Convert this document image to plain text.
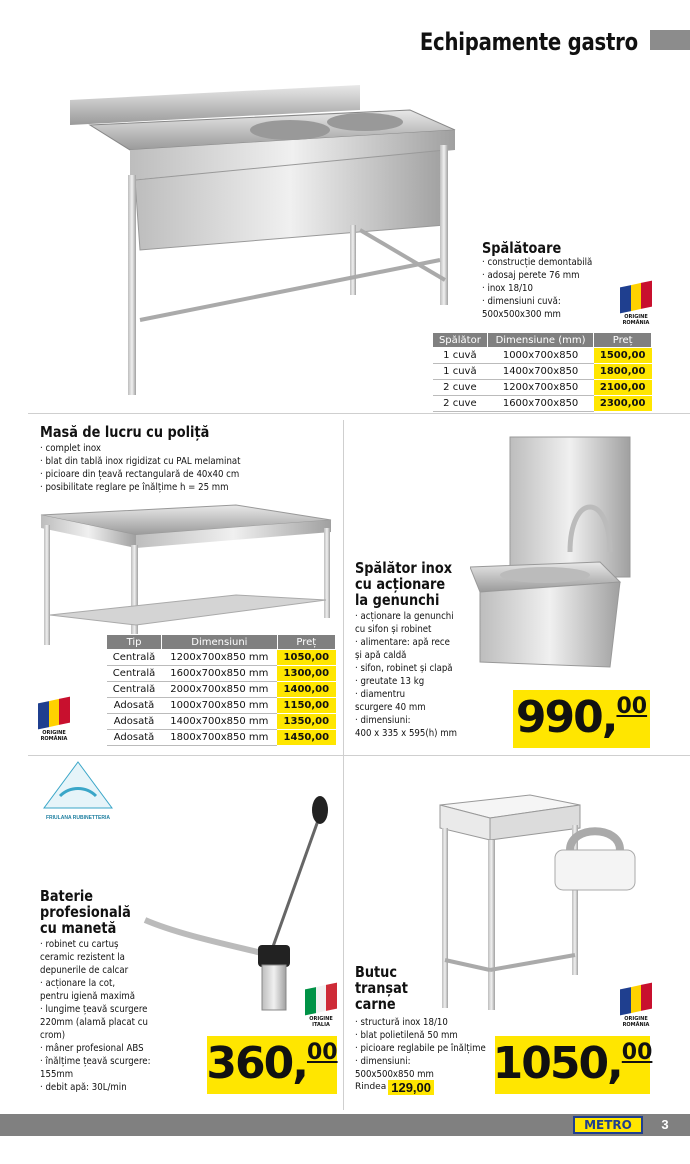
Echipamente gastro
Spălătoare
· construcție demontabilă
· adosaj perete 76 mm
· inox 18/10
· dimensiuni cuvă:
500x500x300 mm	ORIGINE
ROMÂNIA
Spălător	Dimensiune (mm)	Preț
1 cuvă	1000x700x850	1500,00
1 cuvă	1400x700x850	1800,00
2 cuve	1200x700x850	2100,00
2 cuve	1600x700x850	2300,00
Masă de lucru cu poliță
· complet inox
· blat din tablă inox rigidizat cu PAL melaminat
· picioare din țeavă rectangulară de 40x40 cm
· posibilitate reglare pe înălțime h = 25 mm
Tip	Dimensiuni	Preț
Centrală	1200x700x850 mm	1050,00
Centrală	1600x700x850 mm	1300,00
Centrală	2000x700x850 mm	1400,00
Adosată	1000x700x850 mm	1150,00
Adosată	1400x700x850 mm	1350,00
Adosată	1800x700x850 mm	1450,00
ORIGINE
ROMÂNIA
Spălător inox
cu acționare
la genunchi
· acționare la genunchi
cu sifon și robinet
· alimentare: apă rece
și apă caldă
· sifon, robinet și clapă
· greutate 13 kg
· diamentru
scurgere 40 mm
· dimensiuni:
400 x 335 x 595(h) mm 990, 00
FRIULANA RUBINETTERIA
Baterie
profesională
cu manetă
· robinet cu cartuș
ceramic rezistent la
depunerile de calcar
· acționare la cot,
pentru igienă maximă
· lungime țeavă scurgere
220mm (alamă placat cu
crom)
· mâner profesional ABS
· înălțime țeavă scurgere:
155mm
· debit apă: 30L/min
ORIGINE
ITALIA
360, 00
Butuc
tranșat
carne
· structură inox 18/10
· blat polietilenă 50 mm
· picioare reglabile pe înălțime
· dimensiuni:
500x500x850 mm
Rindea 129,00
ORIGINE
ROMÂNIA
1050, 00
METRO	3
